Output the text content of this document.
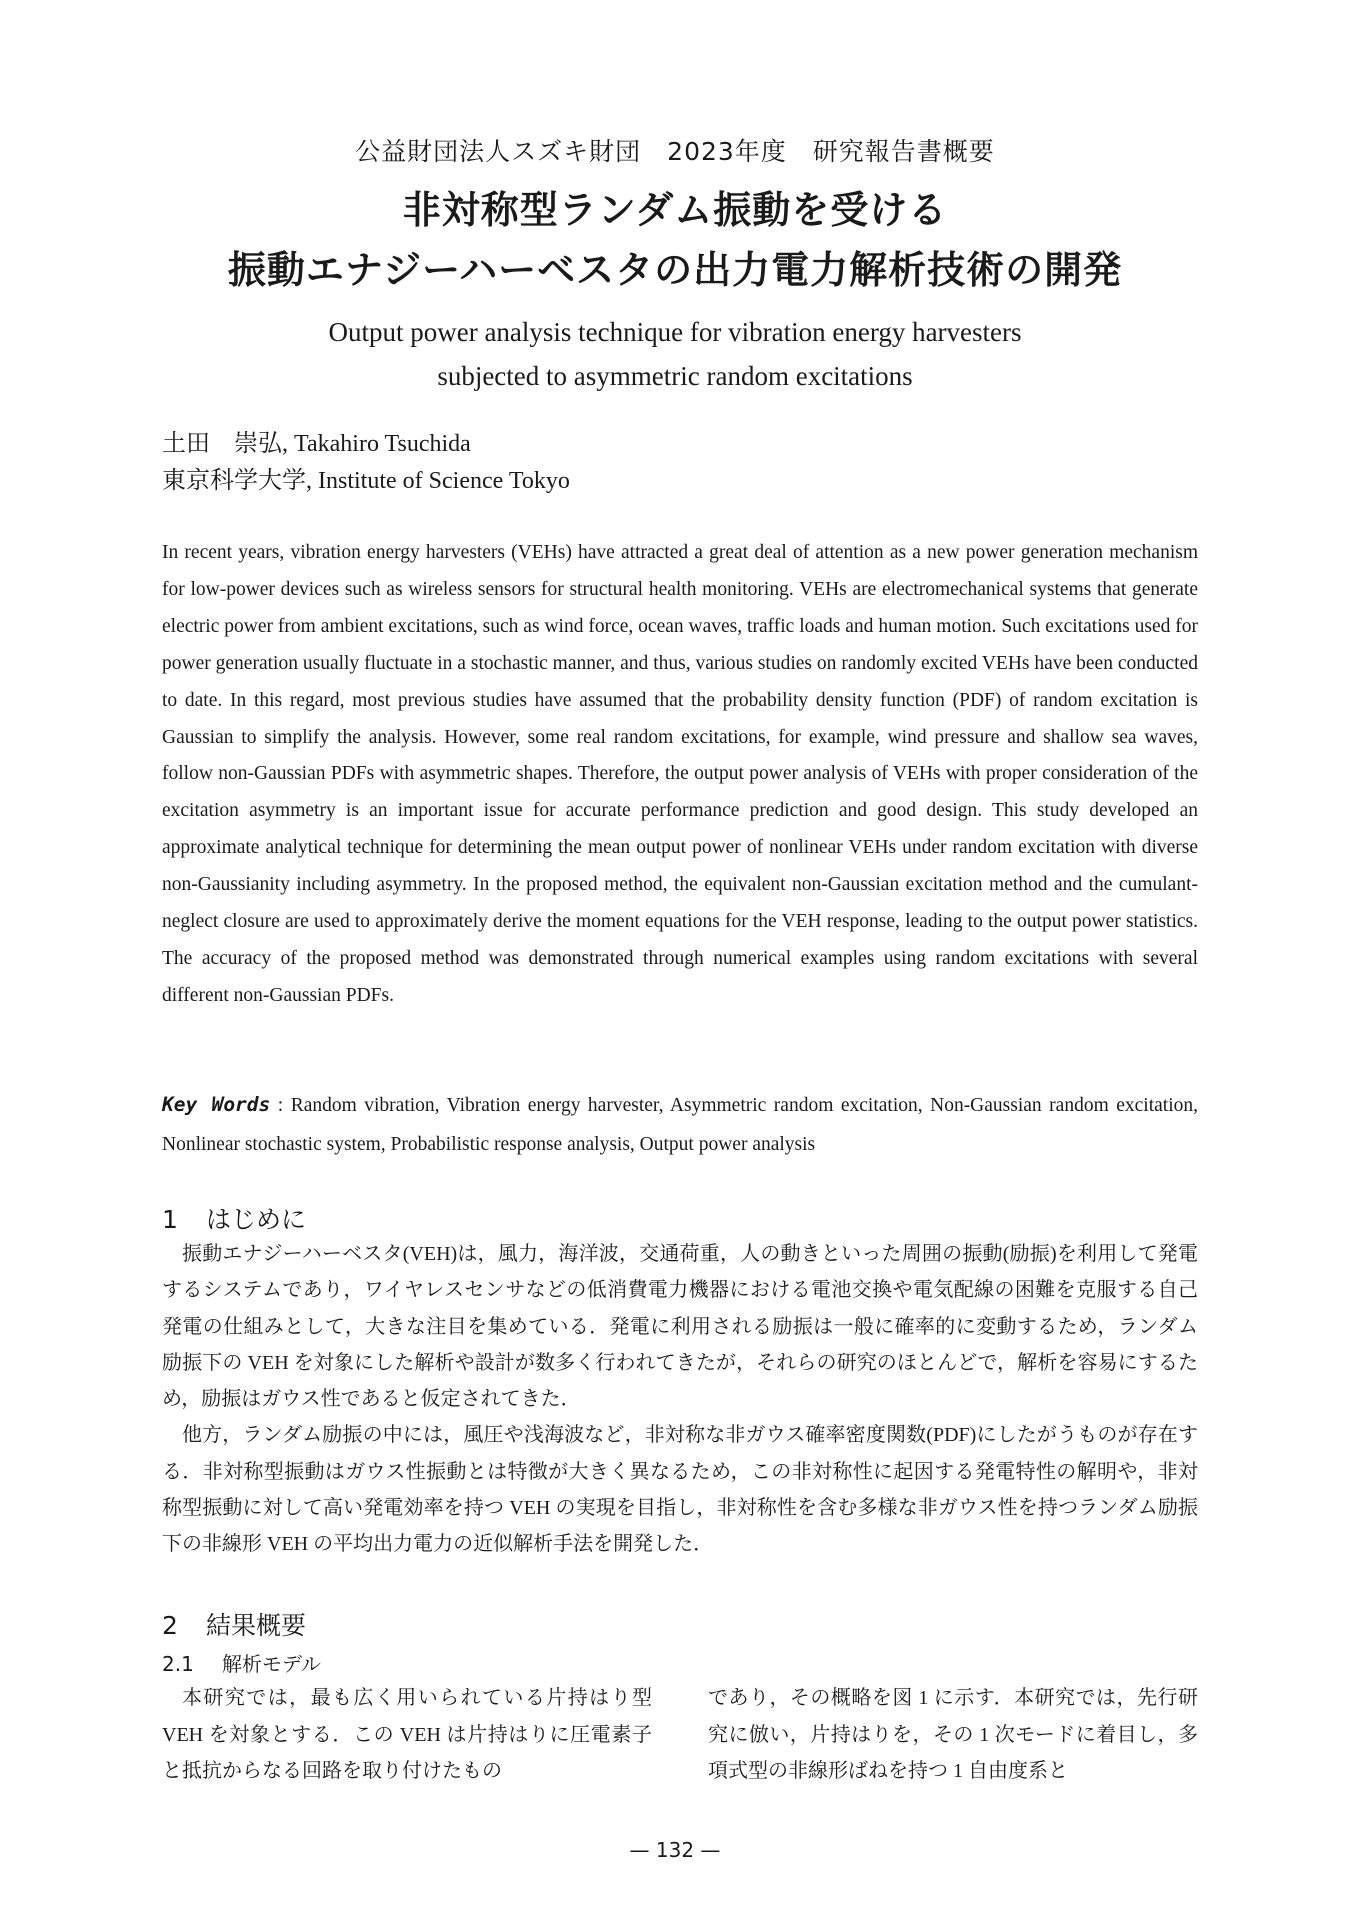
公益財団法人スズキ財団　2023年度　研究報告書概要
非対称型ランダム振動を受ける
振動エナジーハーベスタの出力電力解析技術の開発
Output power analysis technique for vibration energy harvesters
subjected to asymmetric random excitations
土田　崇弘, Takahiro Tsuchida
東京科学大学, Institute of Science Tokyo
In recent years, vibration energy harvesters (VEHs) have attracted a great deal of attention as a new power generation mechanism for low-power devices such as wireless sensors for structural health monitoring. VEHs are electromechanical systems that generate electric power from ambient excitations, such as wind force, ocean waves, traffic loads and human motion. Such excitations used for power generation usually fluctuate in a stochastic manner, and thus, various studies on randomly excited VEHs have been conducted to date. In this regard, most previous studies have assumed that the probability density function (PDF) of random excitation is Gaussian to simplify the analysis. However, some real random excitations, for example, wind pressure and shallow sea waves, follow non-Gaussian PDFs with asymmetric shapes. Therefore, the output power analysis of VEHs with proper consideration of the excitation asymmetry is an important issue for accurate performance prediction and good design. This study developed an approximate analytical technique for determining the mean output power of nonlinear VEHs under random excitation with diverse non-Gaussianity including asymmetry. In the proposed method, the equivalent non-Gaussian excitation method and the cumulant-neglect closure are used to approximately derive the moment equations for the VEH response, leading to the output power statistics. The accuracy of the proposed method was demonstrated through numerical examples using random excitations with several different non-Gaussian PDFs.
Key Words : Random vibration, Vibration energy harvester, Asymmetric random excitation, Non-Gaussian random excitation, Nonlinear stochastic system, Probabilistic response analysis, Output power analysis
1 はじめに

振動エナジーハーベスタ(VEH)は，風力，海洋波，交通荷重，人の動きといった周囲の振動(励振)を利用して発電するシステムであり，ワイヤレスセンサなどの低消費電力機器における電池交換や電気配線の困難を克服する自己発電の仕組みとして，大きな注目を集めている．発電に利用される励振は一般に確率的に変動するため，ランダム励振下の VEH を対象にした解析や設計が数多く行われてきたが，それらの研究のほとんどで，解析を容易にするため，励振はガウス性であると仮定されてきた．

他方，ランダム励振の中には，風圧や浅海波など，非対称な非ガウス確率密度関数(PDF)にしたがうものが存在する．非対称型振動はガウス性振動とは特徴が大きく異なるため，この非対称性に起因する発電特性の解明や，非対称型振動に対して高い発電効率を持つ VEH の実現を目指し，非対称性を含む多様な非ガウス性を持つランダム励振下の非線形 VEH の平均出力電力の近似解析手法を開発した．

2 結果概要
2.1 解析モデル

本研究では，最も広く用いられている片持はり型 VEH を対象とする．この VEH は片持はりに圧電素子と抵抗からなる回路を取り付けたもの

であり，その概略を図 1 に示す．本研究では，先行研究に倣い，片持はりを，その 1 次モードに着目し，多項式型の非線形ばねを持つ 1 自由度系と

— 132 —
